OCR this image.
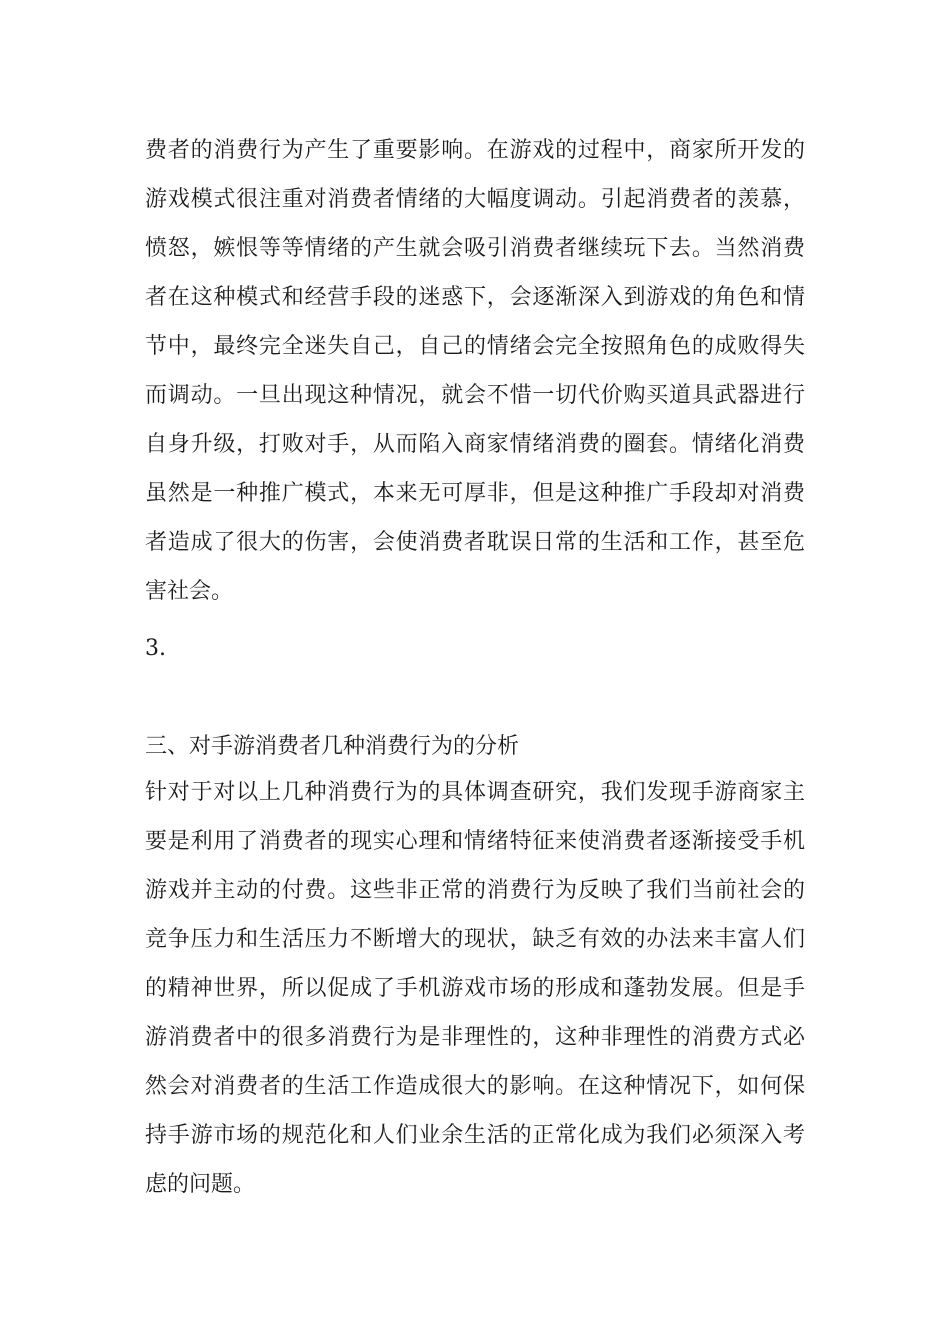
费者的消费行为产生了重要影响。在游戏的过程中，商家所开发的
游戏模式很注重对消费者情绪的大幅度调动。引起消费者的羡慕，
愤怒，嫉恨等等情绪的产生就会吸引消费者继续玩下去。当然消费
者在这种模式和经营手段的迷惑下，会逐渐深入到游戏的角色和情
节中，最终完全迷失自己，自己的情绪会完全按照角色的成败得失
而调动。一旦出现这种情况，就会不惜一切代价购买道具武器进行
自身升级，打败对手，从而陷入商家情绪消费的圈套。情绪化消费
虽然是一种推广模式，本来无可厚非，但是这种推广手段却对消费
者造成了很大的伤害，会使消费者耽误日常的生活和工作，甚至危
害社会。
3.
三、对手游消费者几种消费行为的分析
针对于对以上几种消费行为的具体调查研究，我们发现手游商家主
要是利用了消费者的现实心理和情绪特征来使消费者逐渐接受手机
游戏并主动的付费。这些非正常的消费行为反映了我们当前社会的
竞争压力和生活压力不断增大的现状，缺乏有效的办法来丰富人们
的精神世界，所以促成了手机游戏市场的形成和蓬勃发展。但是手
游消费者中的很多消费行为是非理性的，这种非理性的消费方式必
然会对消费者的生活工作造成很大的影响。在这种情况下，如何保
持手游市场的规范化和人们业余生活的正常化成为我们必须深入考
虑的问题。
